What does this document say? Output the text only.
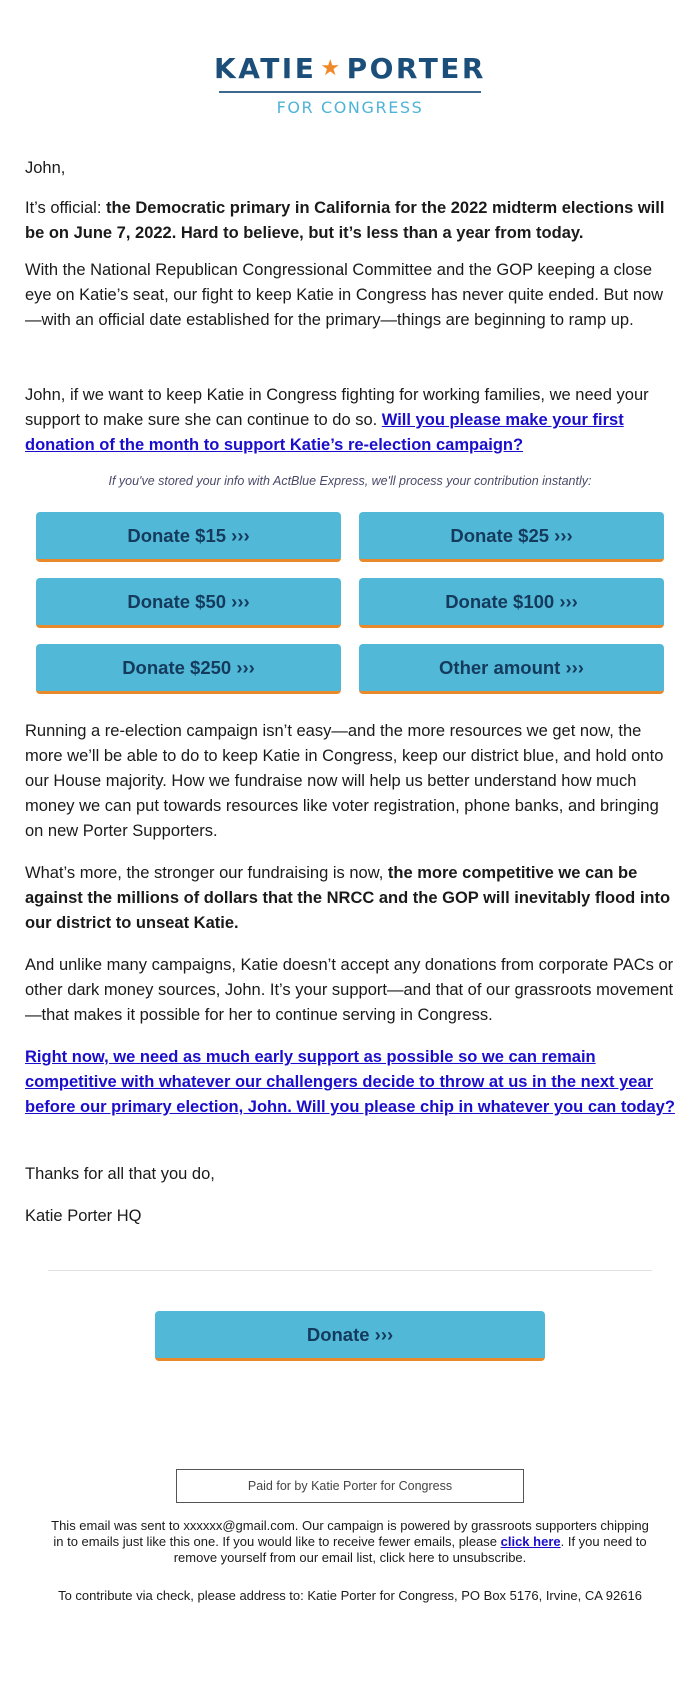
KATIE ★ PORTER
FOR CONGRESS

John,

It’s official: the Democratic primary in California for the 2022 midterm elections will be on June 7, 2022. Hard to believe, but it’s less than a year from today.

With the National Republican Congressional Committee and the GOP keeping a close eye on Katie’s seat, our fight to keep Katie in Congress has never quite ended. But now—with an official date established for the primary—things are beginning to ramp up.

John, if we want to keep Katie in Congress fighting for working families, we need your support to make sure she can continue to do so. Will you please make your first donation of the month to support Katie’s re-election campaign?

If you've stored your info with ActBlue Express, we'll process your contribution instantly:
Donate $15 ›››	Donate $25 ›››
Donate $50 ›››	Donate $100 ›››
Donate $250 ›››	Other amount ›››

Running a re-election campaign isn’t easy—and the more resources we get now, the more we’ll be able to do to keep Katie in Congress, keep our district blue, and hold onto our House majority. How we fundraise now will help us better understand how much money we can put towards resources like voter registration, phone banks, and bringing on new Porter Supporters.

What’s more, the stronger our fundraising is now, the more competitive we can be against the millions of dollars that the NRCC and the GOP will inevitably flood into our district to unseat Katie.

And unlike many campaigns, Katie doesn’t accept any donations from corporate PACs or other dark money sources, John. It’s your support—and that of our grassroots movement—that makes it possible for her to continue serving in Congress.

Right now, we need as much early support as possible so we can remain competitive with whatever our challengers decide to throw at us in the next year before our primary election, John. Will you please chip in whatever you can today?

Thanks for all that you do,

Katie Porter HQ

Donate ›››
Paid for by Katie Porter for Congress
This email was sent to xxxxxx@gmail.com. Our campaign is powered by grassroots supporters chipping in to emails just like this one. If you would like to receive fewer emails, please click here. If you need to remove yourself from our email list, click here to unsubscribe.
To contribute via check, please address to: Katie Porter for Congress, PO Box 5176, Irvine, CA 92616
